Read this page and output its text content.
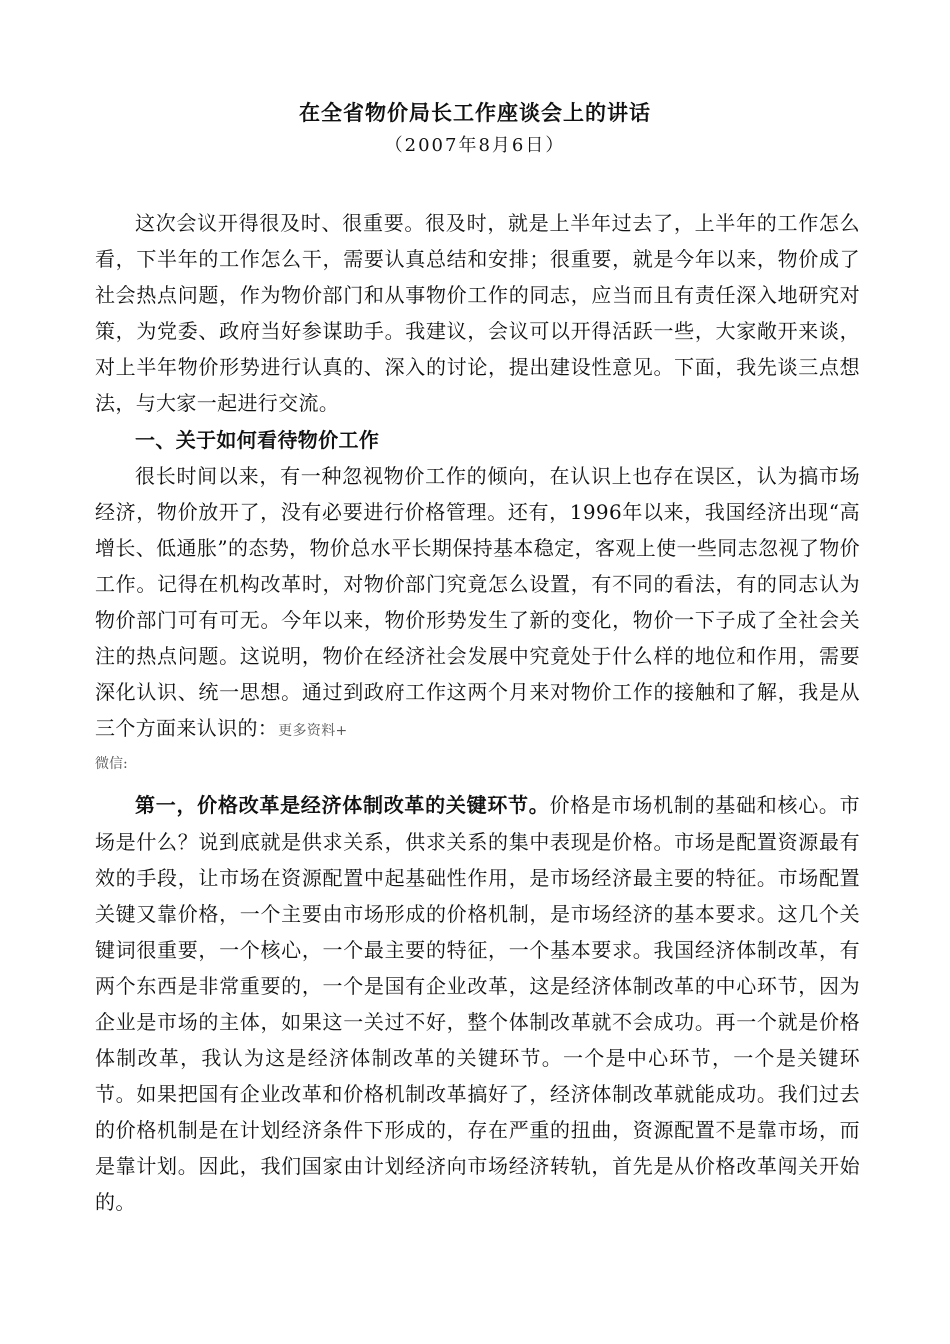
在全省物价局长工作座谈会上的讲话
（2007年8月6日）

这次会议开得很及时、很重要。很及时，就是上半年过去了，上半年的工作怎么看，下半年的工作怎么干，需要认真总结和安排；很重要，就是今年以来，物价成了社会热点问题，作为物价部门和从事物价工作的同志，应当而且有责任深入地研究对策，为党委、政府当好参谋助手。我建议，会议可以开得活跃一些，大家敞开来谈，对上半年物价形势进行认真的、深入的讨论，提出建设性意见。下面，我先谈三点想法，与大家一起进行交流。

一、关于如何看待物价工作

很长时间以来，有一种忽视物价工作的倾向，在认识上也存在误区，认为搞市场经济，物价放开了，没有必要进行价格管理。还有，1996年以来，我国经济出现“高增长、低通胀”的态势，物价总水平长期保持基本稳定，客观上使一些同志忽视了物价工作。记得在机构改革时，对物价部门究竟怎么设置，有不同的看法，有的同志认为物价部门可有可无。今年以来，物价形势发生了新的变化，物价一下子成了全社会关注的热点问题。这说明，物价在经济社会发展中究竟处于什么样的地位和作用，需要深化认识、统一思想。通过到政府工作这两个月来对物价工作的接触和了解，我是从三个方面来认识的：更多资料+

微信:

第一，价格改革是经济体制改革的关键环节。价格是市场机制的基础和核心。市场是什么？说到底就是供求关系，供求关系的集中表现是价格。市场是配置资源最有效的手段，让市场在资源配置中起基础性作用，是市场经济最主要的特征。市场配置关键又靠价格，一个主要由市场形成的价格机制，是市场经济的基本要求。这几个关键词很重要，一个核心，一个最主要的特征，一个基本要求。我国经济体制改革，有两个东西是非常重要的，一个是国有企业改革，这是经济体制改革的中心环节，因为企业是市场的主体，如果这一关过不好，整个体制改革就不会成功。再一个就是价格体制改革，我认为这是经济体制改革的关键环节。一个是中心环节，一个是关键环节。如果把国有企业改革和价格机制改革搞好了，经济体制改革就能成功。我们过去的价格机制是在计划经济条件下形成的，存在严重的扭曲，资源配置不是靠市场，而是靠计划。因此，我们国家由计划经济向市场经济转轨，首先是从价格改革闯关开始的。
